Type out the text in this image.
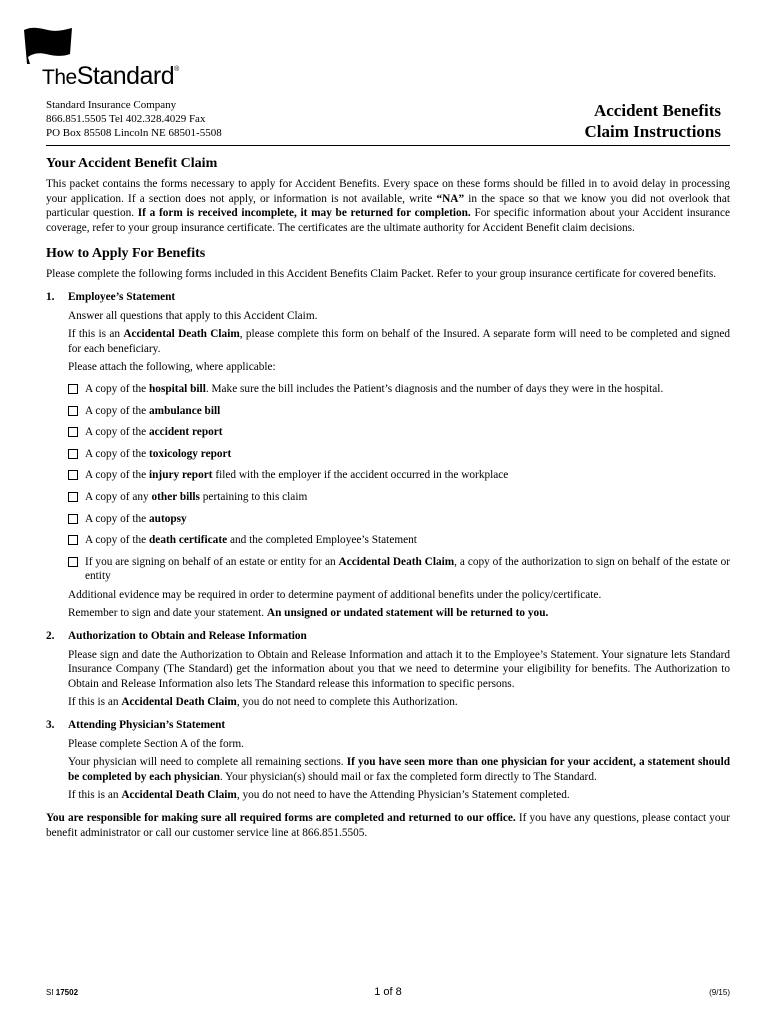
TheStandard®
Standard Insurance Company
866.851.5505 Tel 402.328.4029 Fax
PO Box 85508 Lincoln NE 68501-5508
Accident Benefits
Claim Instructions
Your Accident Benefit Claim

This packet contains the forms necessary to apply for Accident Benefits. Every space on these forms should be filled in to avoid delay in processing your application. If a section does not apply, or information is not available, write “NA” in the space so that we know you did not overlook that particular question. If a form is received incomplete, it may be returned for completion. For specific information about your Accident insurance coverage, refer to your group insurance certificate. The certificates are the ultimate authority for Accident Benefit claim decisions.

How to Apply For Benefits

Please complete the following forms included in this Accident Benefits Claim Packet. Refer to your group insurance certificate for covered benefits.

1. Employee’s Statement

Answer all questions that apply to this Accident Claim.

If this is an Accidental Death Claim, please complete this form on behalf of the Insured. A separate form will need to be completed and signed for each beneficiary.

Please attach the following, where applicable:

A copy of the hospital bill. Make sure the bill includes the Patient’s diagnosis and the number of days they were in the hospital.
A copy of the ambulance bill
A copy of the accident report
A copy of the toxicology report
A copy of the injury report filed with the employer if the accident occurred in the workplace
A copy of any other bills pertaining to this claim
A copy of the autopsy
A copy of the death certificate and the completed Employee’s Statement
If you are signing on behalf of an estate or entity for an Accidental Death Claim, a copy of the authorization to sign on behalf of the estate or entity

Additional evidence may be required in order to determine payment of additional benefits under the policy/certificate.

Remember to sign and date your statement. An unsigned or undated statement will be returned to you.

2. Authorization to Obtain and Release Information

Please sign and date the Authorization to Obtain and Release Information and attach it to the Employee’s Statement. Your signature lets Standard Insurance Company (The Standard) get the information about you that we need to determine your eligibility for benefits. The Authorization to Obtain and Release Information also lets The Standard release this information to specific persons.

If this is an Accidental Death Claim, you do not need to complete this Authorization.

3. Attending Physician’s Statement

Please complete Section A of the form.

Your physician will need to complete all remaining sections. If you have seen more than one physician for your accident, a statement should be completed by each physician. Your physician(s) should mail or fax the completed form directly to The Standard.

If this is an Accidental Death Claim, you do not need to have the Attending Physician’s Statement completed.

You are responsible for making sure all required forms are completed and returned to our office. If you have any questions, please contact your benefit administrator or call our customer service line at 866.851.5505.

SI 17502	1 of 8	(9/15)
